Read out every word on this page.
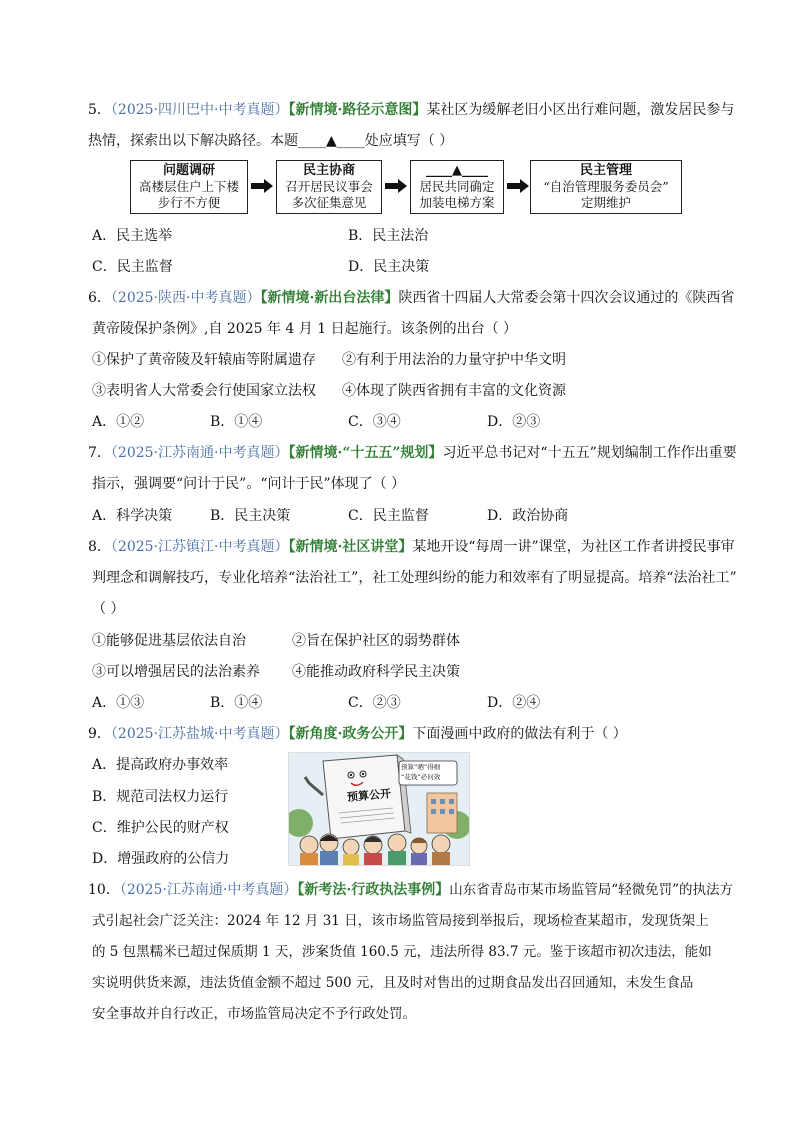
5．（2025·四川巴中·中考真题）【新情境·路径示意图】某社区为缓解老旧小区出行难问题，激发居民参与
热情，探索出以下解决路径。本题____▲____处应填写（ ）
问题调研
高楼层住户上下楼
步行不方便
民主协商
召开居民议事会
多次征集意见
____▲____
居民共同确定
加装电梯方案
民主管理
“自治管理服务委员会”
定期维护
A．民主选举	B．民主法治
C．民主监督	D．民主决策
6．（2025·陕西·中考真题）【新情境·新出台法律】陕西省十四届人大常委会第十四次会议通过的《陕西省
黄帝陵保护条例》,自 2025 年 4 月 1 日起施行。该条例的出台（ ）
①保护了黄帝陵及轩辕庙等附属遗存 ②有利于用法治的力量守护中华文明
③表明省人大常委会行使国家立法权 ④体现了陕西省拥有丰富的文化资源
A．①②	B．①④	C．③④	D．②③
7．（2025·江苏南通·中考真题）【新情境·“十五五”规划】习近平总书记对“十五五”规划编制工作作出重要
指示，强调要“问计于民”。“问计于民”体现了（ ）
A．科学决策	B．民主决策	C．民主监督	D．政治协商
8．（2025·江苏镇江·中考真题）【新情境·社区讲堂】某地开设“每周一讲”课堂，为社区工作者讲授民事审
判理念和调解技巧，专业化培养“法治社工”，社工处理纠纷的能力和效率有了明显提高。培养“法治社工”
（ ）
①能够促进基层依法自治	②旨在保护社区的弱势群体
③可以增强居民的法治素养 ④能推动政府科学民主决策
A．①③	B．①④	C．②③	D．②④
9．（2025·江苏盐城·中考真题）【新角度·政务公开】下面漫画中政府的做法有利于（ ）
A．提高政府办事效率
B．规范司法权力运行
C．维护公民的财产权
D．增强政府的公信力
预算公开
预算“晒”得细
“花钱”必问效
10．（2025·江苏南通·中考真题）【新考法·行政执法事例】山东省青岛市某市场监管局“轻微免罚”的执法方
式引起社会广泛关注：2024 年 12 月 31 日，该市场监管局接到举报后，现场检查某超市，发现货架上
的 5 包黑糯米已超过保质期 1 天，涉案货值 160.5 元，违法所得 83.7 元。鉴于该超市初次违法，能如
实说明供货来源，违法货值金额不超过 500 元，且及时对售出的过期食品发出召回通知，未发生食品
安全事故并自行改正，市场监管局决定不予行政处罚。
